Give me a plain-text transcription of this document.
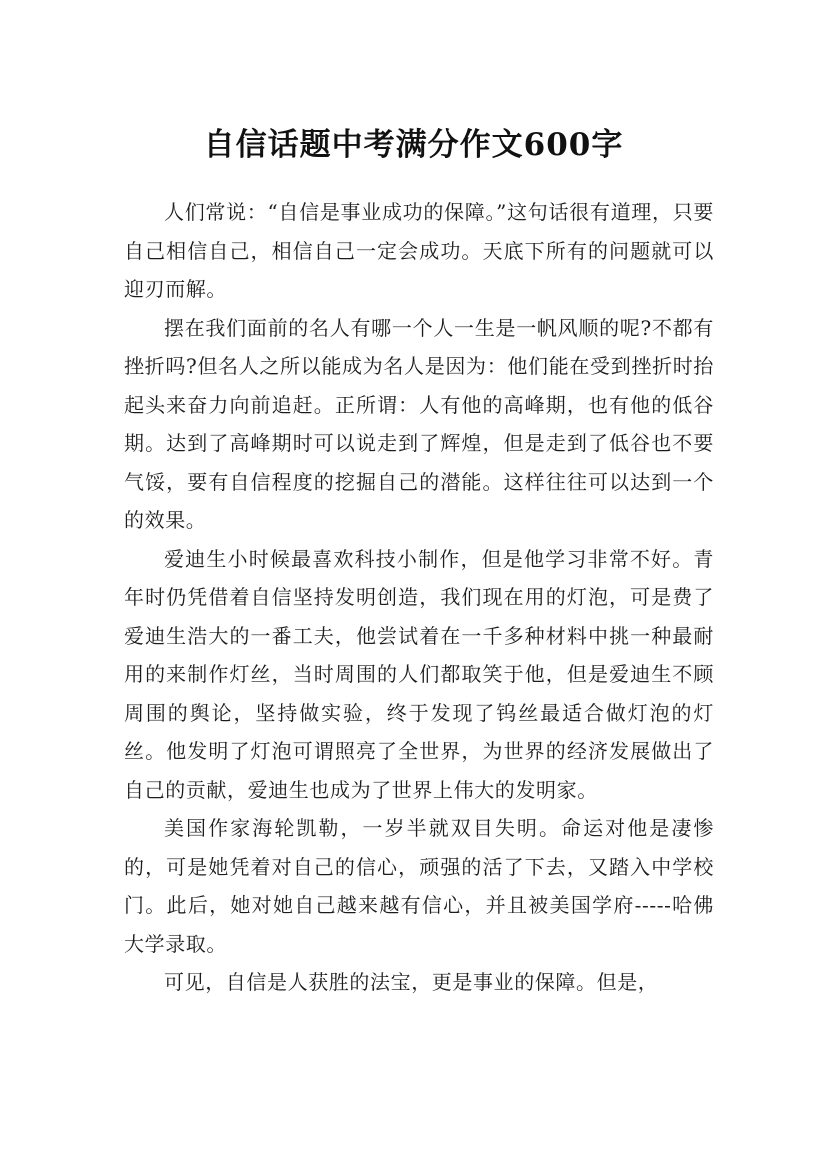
自信话题中考满分作文600字

人们常说：“自信是事业成功的保障。”这句话很有道理，只要自己相信自己，相信自己一定会成功。天底下所有的问题就可以迎刃而解。

摆在我们面前的名人有哪一个人一生是一帆风顺的呢?不都有挫折吗?但名人之所以能成为名人是因为：他们能在受到挫折时抬起头来奋力向前追赶。正所谓：人有他的高峰期，也有他的低谷期。达到了高峰期时可以说走到了辉煌，但是走到了低谷也不要气馁，要有自信程度的挖掘自己的潜能。这样往往可以达到一个的效果。

爱迪生小时候最喜欢科技小制作，但是他学习非常不好。青年时仍凭借着自信坚持发明创造，我们现在用的灯泡，可是费了爱迪生浩大的一番工夫，他尝试着在一千多种材料中挑一种最耐用的来制作灯丝，当时周围的人们都取笑于他，但是爱迪生不顾周围的舆论，坚持做实验，终于发现了钨丝最适合做灯泡的灯丝。他发明了灯泡可谓照亮了全世界，为世界的经济发展做出了自己的贡献，爱迪生也成为了世界上伟大的发明家。

美国作家海轮凯勒，一岁半就双目失明。命运对他是凄惨的，可是她凭着对自己的信心，顽强的活了下去，又踏入中学校门。此后，她对她自己越来越有信心，并且被美国学府-----哈佛大学录取。

可见，自信是人获胜的法宝，更是事业的保障。但是，
